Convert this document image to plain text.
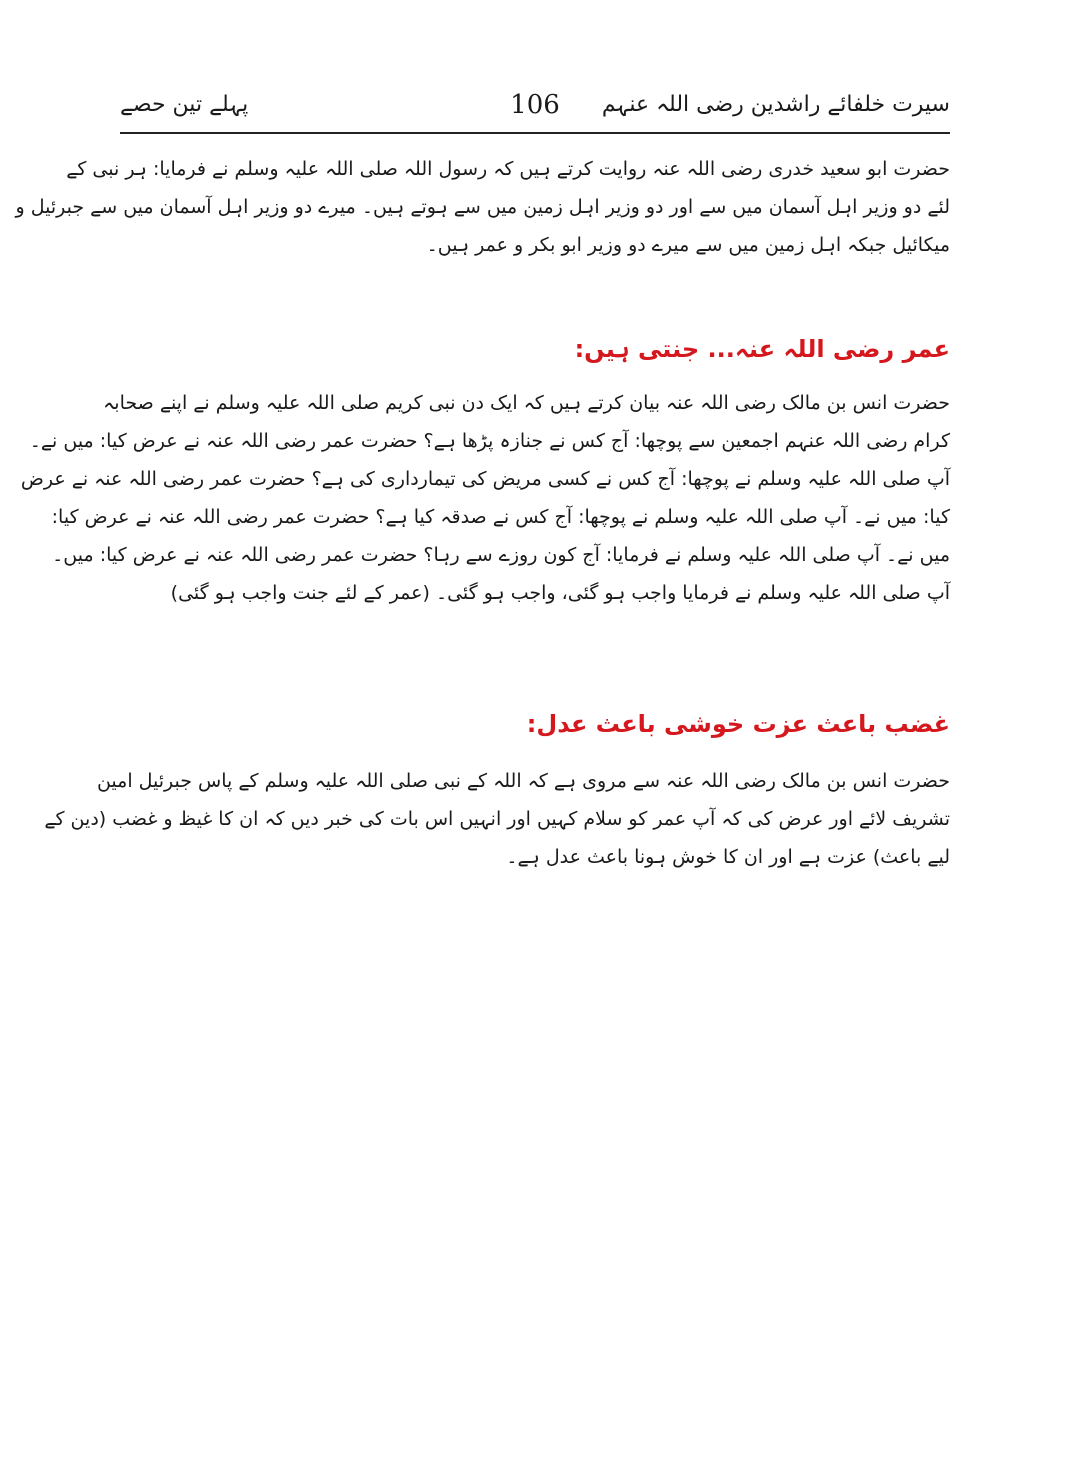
سیرت خلفائے راشدین رضی اللہ عنہم
106
پہلے تین حصے
حضرت ابو سعید خدری رضی اللہ عنہ روایت کرتے ہیں کہ رسول اللہ صلی اللہ علیہ وسلم نے فرمایا: ہر نبی کے
لئے دو وزیر اہل آسمان میں سے اور دو وزیر اہل زمین میں سے ہوتے ہیں۔ میرے دو وزیر اہل آسمان میں سے جبرئیل و
میکائیل جبکہ اہل زمین میں سے میرے دو وزیر ابو بکر و عمر ہیں۔
عمر رضی اللہ عنہ... جنتی ہیں:
حضرت انس بن مالک رضی اللہ عنہ بیان کرتے ہیں کہ ایک دن نبی کریم صلی اللہ علیہ وسلم نے اپنے صحابہ
کرام رضی اللہ عنہم اجمعین سے پوچھا: آج کس نے جنازہ پڑھا ہے؟ حضرت عمر رضی اللہ عنہ نے عرض کیا: میں نے۔
آپ صلی اللہ علیہ وسلم نے پوچھا: آج کس نے کسی مریض کی تیمارداری کی ہے؟ حضرت عمر رضی اللہ عنہ نے عرض
کیا: میں نے۔ آپ صلی اللہ علیہ وسلم نے پوچھا: آج کس نے صدقہ کیا ہے؟ حضرت عمر رضی اللہ عنہ نے عرض کیا:
میں نے۔ آپ صلی اللہ علیہ وسلم نے فرمایا: آج کون روزے سے رہا؟ حضرت عمر رضی اللہ عنہ نے عرض کیا: میں۔
آپ صلی اللہ علیہ وسلم نے فرمایا واجب ہو گئی، واجب ہو گئی۔ (عمر کے لئے جنت واجب ہو گئی)
غضب باعث عزت خوشی باعث عدل:
حضرت انس بن مالک رضی اللہ عنہ سے مروی ہے کہ اللہ کے نبی صلی اللہ علیہ وسلم کے پاس جبرئیل امین
تشریف لائے اور عرض کی کہ آپ عمر کو سلام کہیں اور انہیں اس بات کی خبر دیں کہ ان کا غیظ و غضب (دین کے
لیے باعث) عزت ہے اور ان کا خوش ہونا باعث عدل ہے۔
